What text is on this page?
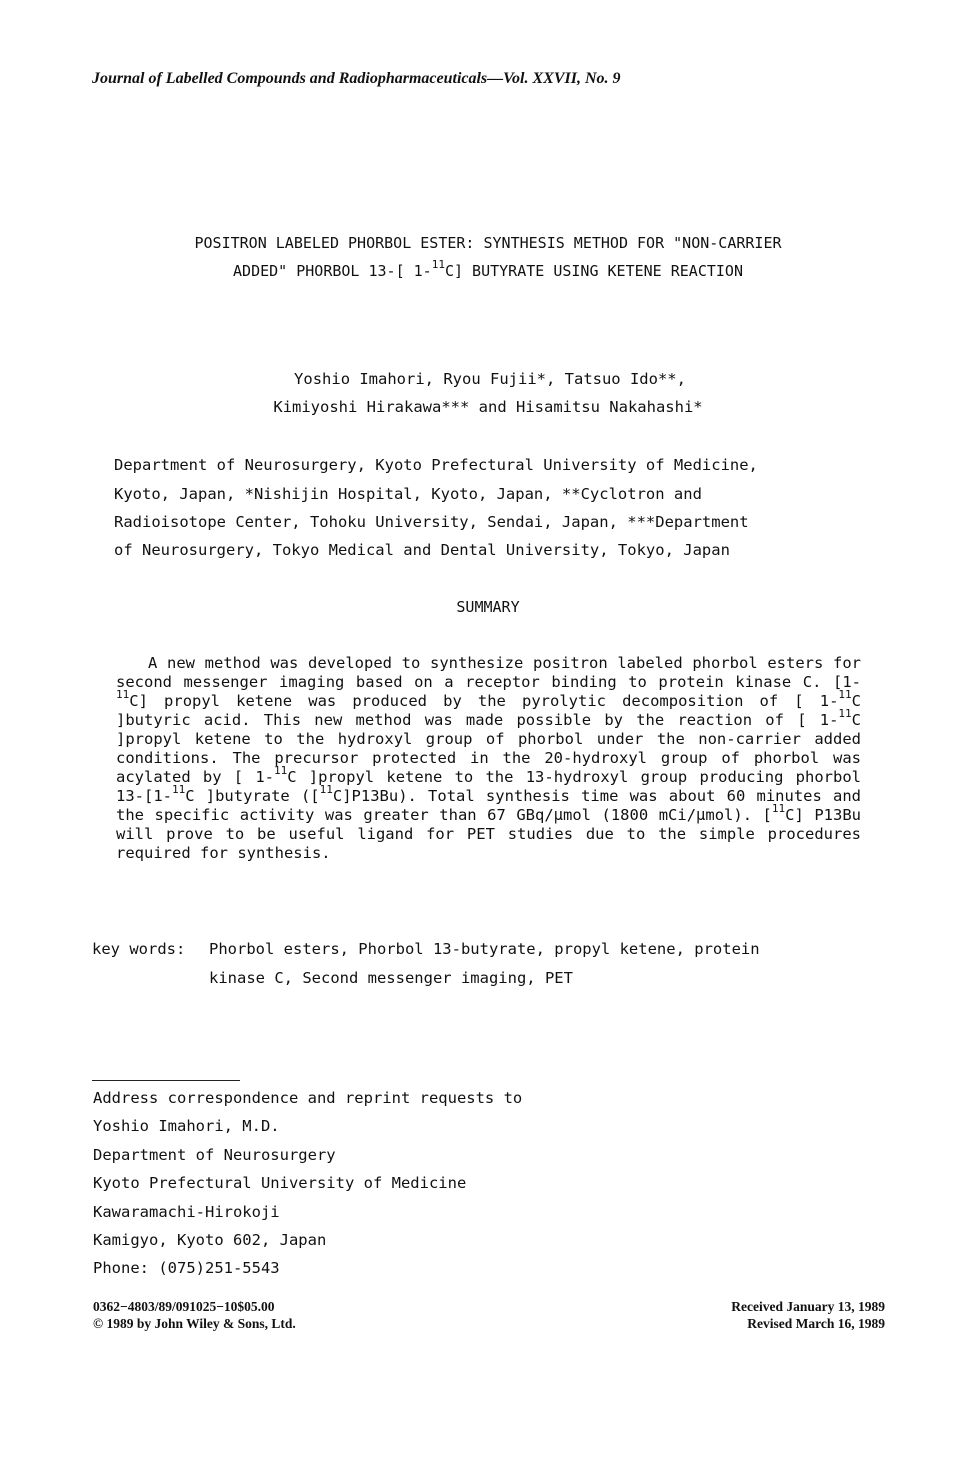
Journal of Labelled Compounds and Radiopharmaceuticals—Vol. XXVII, No. 9
POSITRON LABELED PHORBOL ESTER: SYNTHESIS METHOD FOR "NON-CARRIER
ADDED" PHORBOL 13-[ 1-$^{11}$C] BUTYRATE USING KETENE REACTION
Yoshio Imahori, Ryou Fujii*, Tatsuo Ido**,
Kimiyoshi Hirakawa*** and Hisamitsu Nakahashi*
Department of Neurosurgery, Kyoto Prefectural University of Medicine,
Kyoto, Japan, *Nishijin Hospital, Kyoto, Japan, **Cyclotron and
Radioisotope Center, Tohoku University, Sendai, Japan, ***Department
of Neurosurgery, Tokyo Medical and Dental University, Tokyo, Japan
SUMMARY

A new method was developed to synthesize positron labeled phorbol esters for second messenger imaging based on a receptor binding to protein kinase C. [1-$^{11}$C] propyl ketene was produced by the pyrolytic decomposition of [ 1-$^{11}$C ]butyric acid. This new method was made possible by the reaction of [ 1-$^{11}$C ]propyl ketene to the hydroxyl group of phorbol under the non-carrier added conditions. The precursor protected in the 20-hydroxyl group of phorbol was acylated by [ 1-$^{11}$C ]propyl ketene to the 13-hydroxyl group producing phorbol 13-[1-$^{11}$C ]butyrate ([$^{11}$C]P13Bu). Total synthesis time was about 60 minutes and the specific activity was greater than 67 GBq/μmol (1800 mCi/μmol). [$^{11}$C] P13Bu will prove to be useful ligand for PET studies due to the simple procedures required for synthesis.

key words: Phorbol esters, Phorbol 13-butyrate, propyl ketene, protein
kinase C, Second messenger imaging, PET
Address correspondence and reprint requests to
Yoshio Imahori, M.D.
Department of Neurosurgery
Kyoto Prefectural University of Medicine
Kawaramachi-Hirokoji
Kamigyo, Kyoto 602, Japan
Phone: (075)251-5543
0362−4803/89/091025−10$05.00
© 1989 by John Wiley & Sons, Ltd.
Received January 13, 1989
Revised March 16, 1989
